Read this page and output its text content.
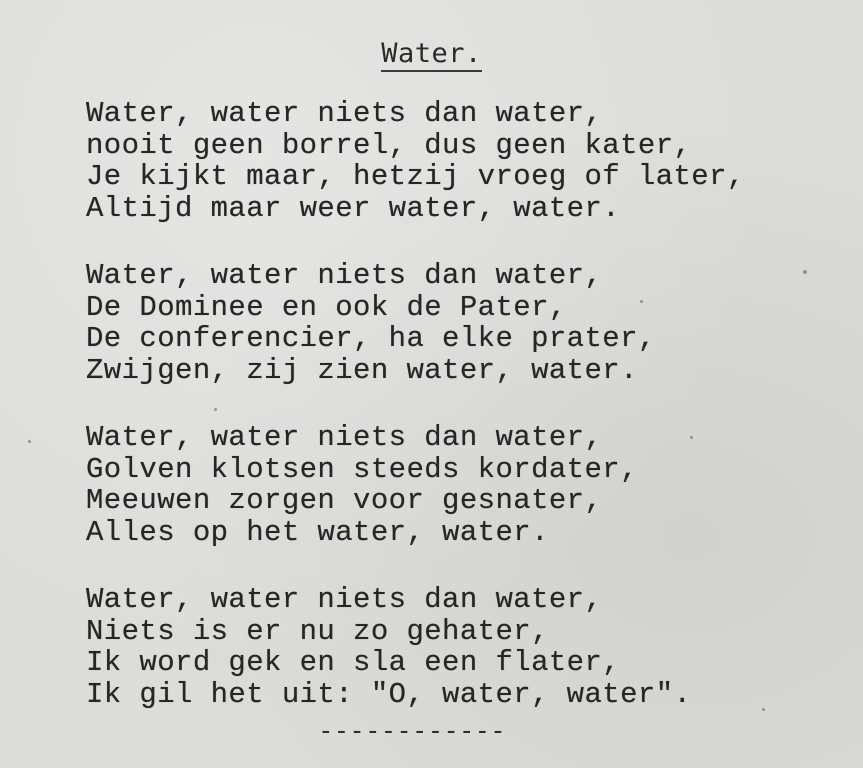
Water.
Water, water niets dan water,
nooit geen borrel, dus geen kater,
Je kijkt maar, hetzij vroeg of later,
Altijd maar weer water, water.
Water, water niets dan water,
De Dominee en ook de Pater,
De conferencier, ha elke prater,
Zwijgen, zij zien water, water.
Water, water niets dan water,
Golven klotsen steeds kordater,
Meeuwen zorgen voor gesnater,
Alles op het water, water.
Water, water niets dan water,
Niets is er nu zo gehater,
Ik word gek en sla een flater,
Ik gil het uit: "O, water, water".
------------
